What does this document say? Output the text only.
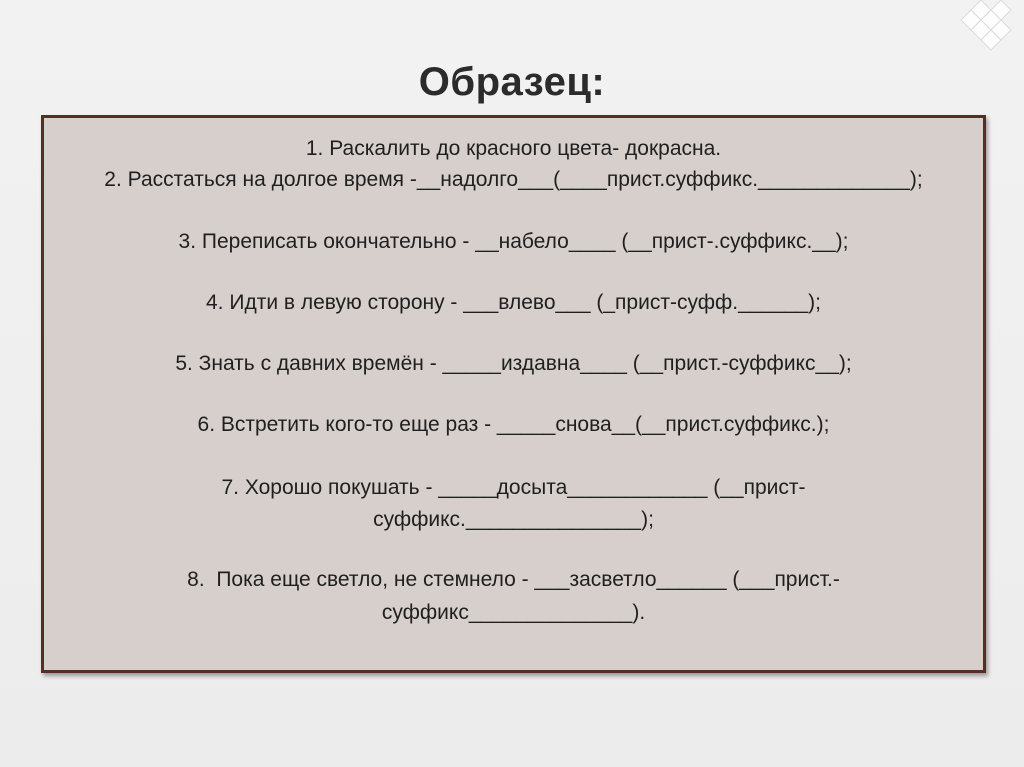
Образец:
1. Раскалить до красного цвета- докрасна.
2. Расстаться на долгое время -__надолго___(____прист.суффикс._____________);
3. Переписать окончательно - __набело____ (__прист-.суффикс.__);
4. Идти в левую сторону - ___влево___ (_прист-суфф.______);
5. Знать с давних времён - _____издавна____ (__прист.-суффикс__);
6. Встретить кого-то еще раз - _____снова__(__прист.суффикс.);
7. Хорошо покушать - _____досыта____________ (__прист-
суффикс._______________);
8.  Пока еще светло, не стемнело - ___засветло______ (___прист.-
суффикс______________).
